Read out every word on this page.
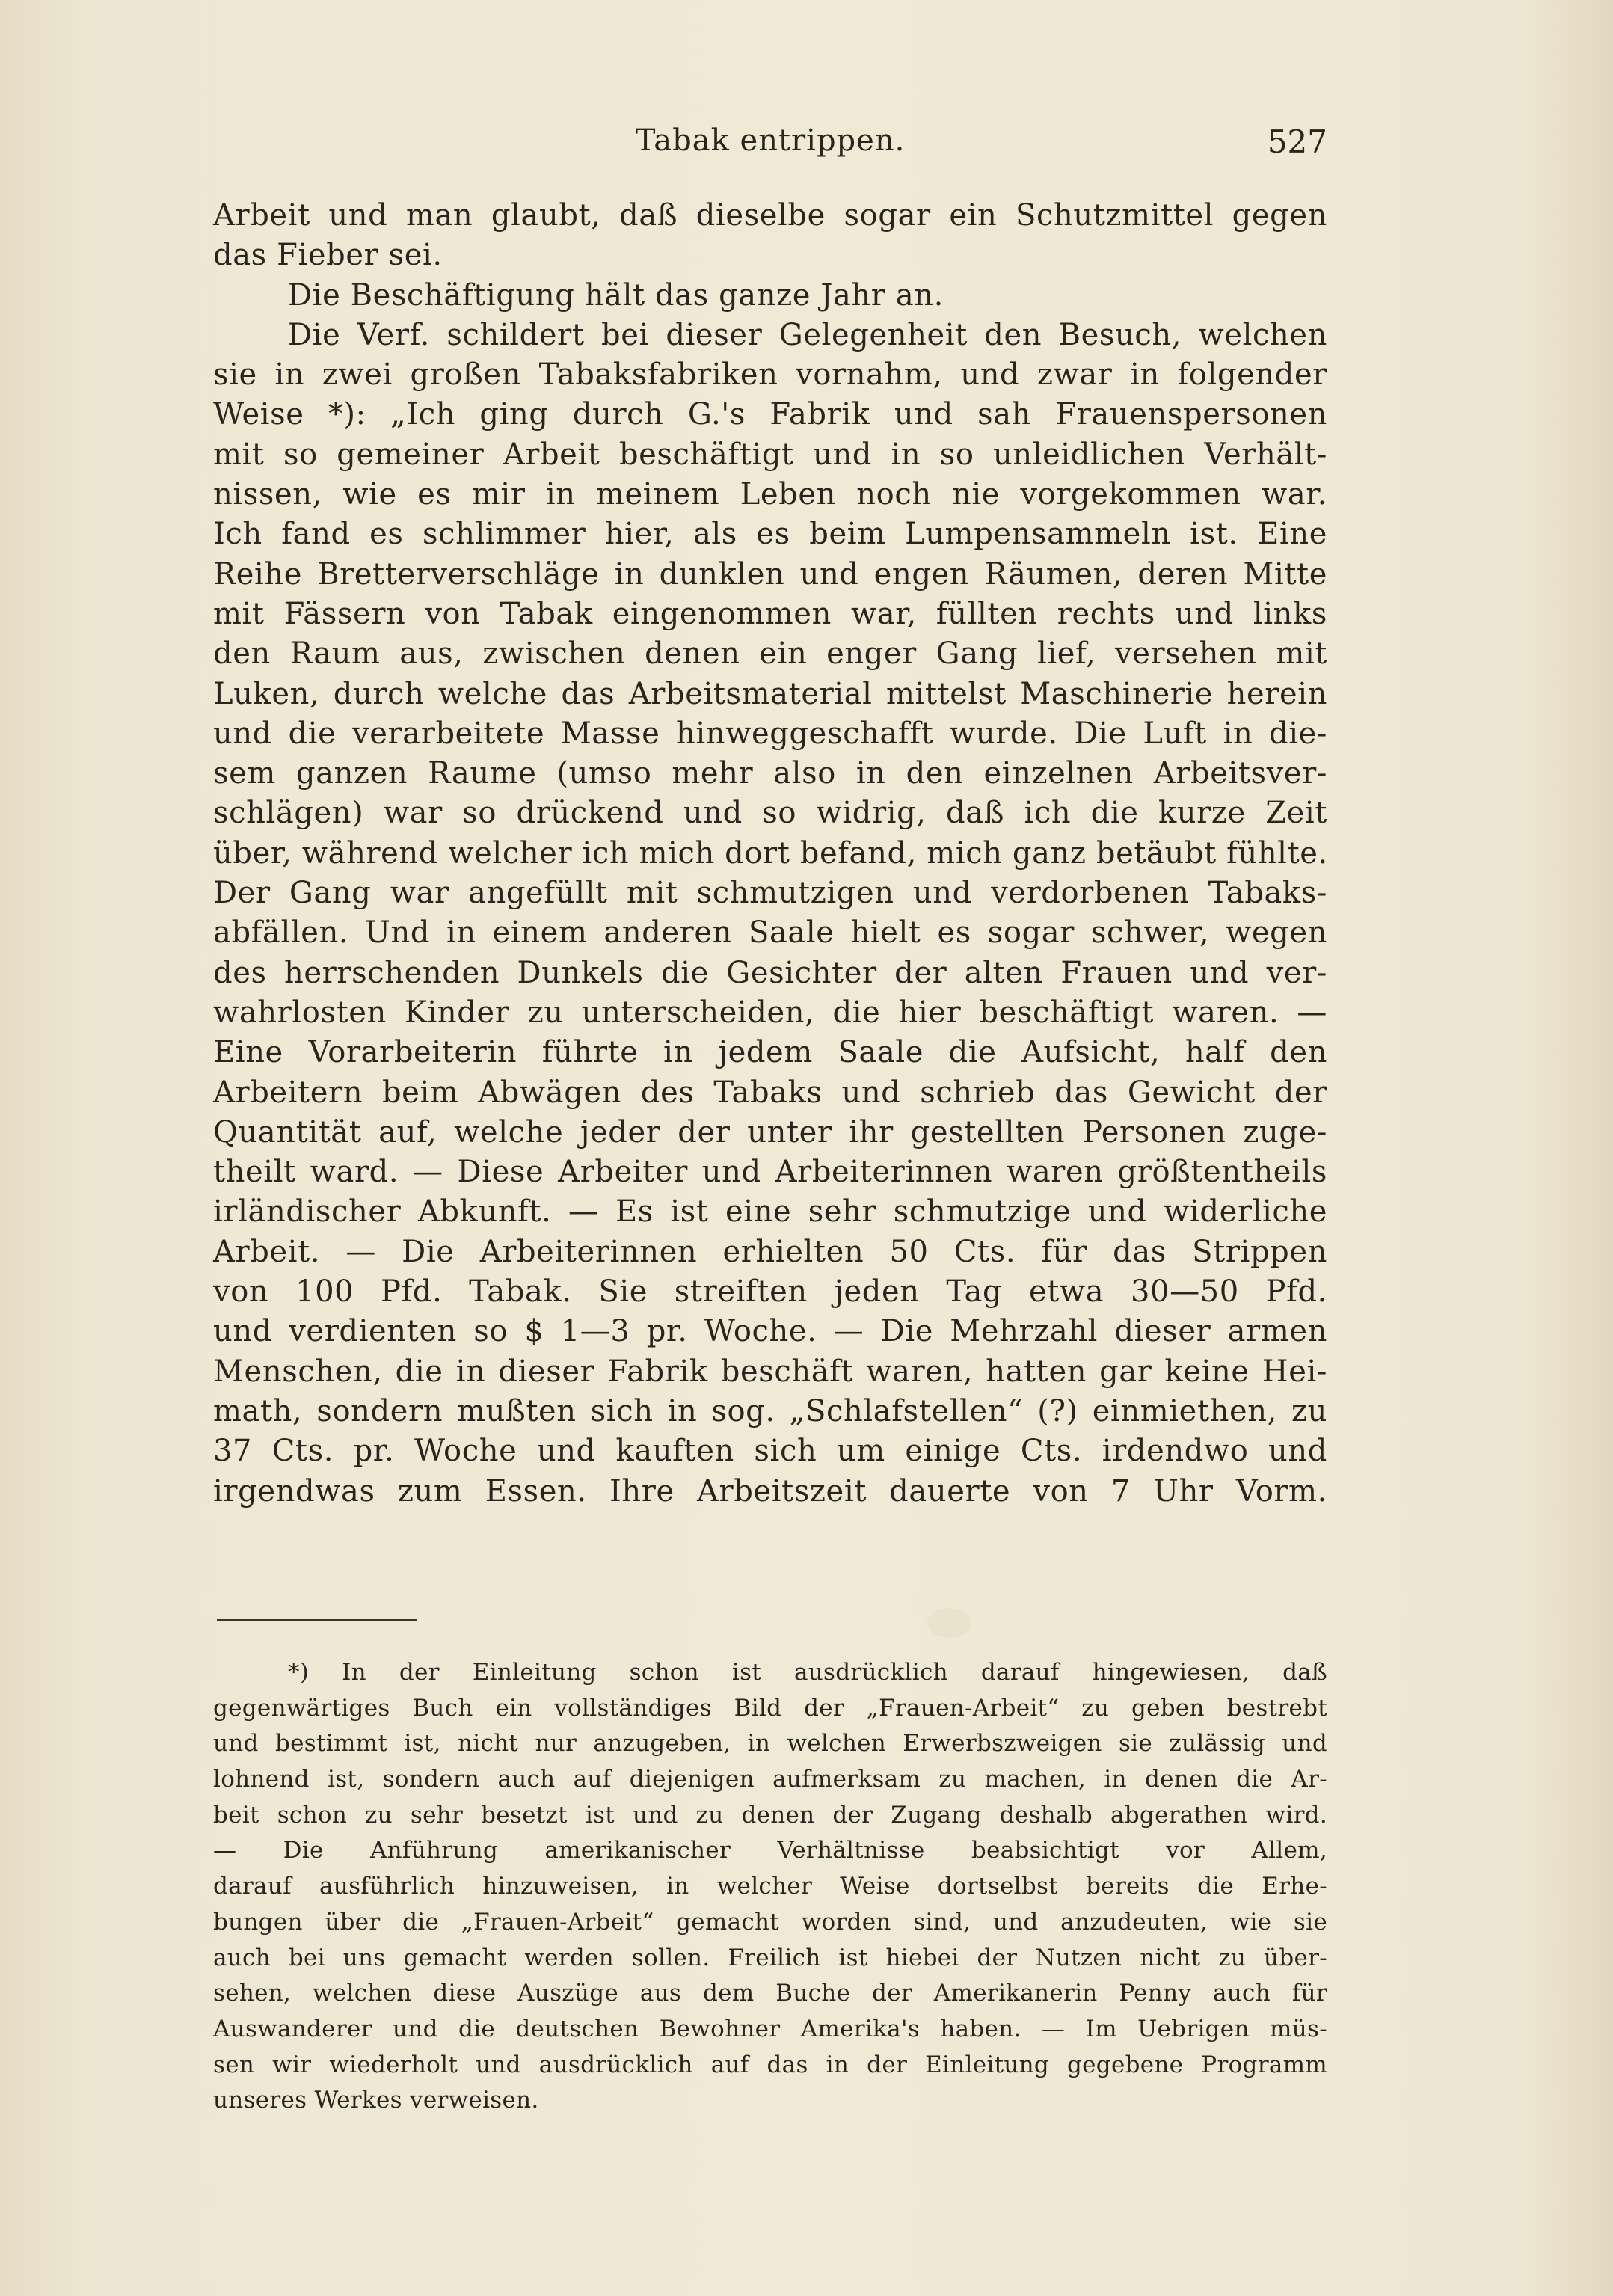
Tabak entrippen.	527
Arbeit und man glaubt, daß dieselbe sogar ein Schutzmittel gegen
das Fieber sei.
Die Beschäftigung hält das ganze Jahr an.
Die Verf. schildert bei dieser Gelegenheit den Besuch, welchen
sie in zwei großen Tabaksfabriken vornahm, und zwar in folgender
Weise *): „Ich ging durch G.'s Fabrik und sah Frauenspersonen
mit so gemeiner Arbeit beschäftigt und in so unleidlichen Verhält-
nissen, wie es mir in meinem Leben noch nie vorgekommen war.
Ich fand es schlimmer hier, als es beim Lumpensammeln ist. Eine
Reihe Bretterverschläge in dunklen und engen Räumen, deren Mitte
mit Fässern von Tabak eingenommen war, füllten rechts und links
den Raum aus, zwischen denen ein enger Gang lief, versehen mit
Luken, durch welche das Arbeitsmaterial mittelst Maschinerie herein
und die verarbeitete Masse hinweggeschafft wurde. Die Luft in die-
sem ganzen Raume (umso mehr also in den einzelnen Arbeitsver-
schlägen) war so drückend und so widrig, daß ich die kurze Zeit
über, während welcher ich mich dort befand, mich ganz betäubt fühlte.
Der Gang war angefüllt mit schmutzigen und verdorbenen Tabaks-
abfällen. Und in einem anderen Saale hielt es sogar schwer, wegen
des herrschenden Dunkels die Gesichter der alten Frauen und ver-
wahrlosten Kinder zu unterscheiden, die hier beschäftigt waren. —
Eine Vorarbeiterin führte in jedem Saale die Aufsicht, half den
Arbeitern beim Abwägen des Tabaks und schrieb das Gewicht der
Quantität auf, welche jeder der unter ihr gestellten Personen zuge-
theilt ward. — Diese Arbeiter und Arbeiterinnen waren größtentheils
irländischer Abkunft. — Es ist eine sehr schmutzige und widerliche
Arbeit. — Die Arbeiterinnen erhielten 50 Cts. für das Strippen
von 100 Pfd. Tabak. Sie streiften jeden Tag etwa 30—50 Pfd.
und verdienten so $ 1—3 pr. Woche. — Die Mehrzahl dieser armen
Menschen, die in dieser Fabrik beschäft waren, hatten gar keine Hei-
math, sondern mußten sich in sog. „Schlafstellen“ (?) einmiethen, zu
37 Cts. pr. Woche und kauften sich um einige Cts. irdendwo und
irgendwas zum Essen. Ihre Arbeitszeit dauerte von 7 Uhr Vorm.
*) In der Einleitung schon ist ausdrücklich darauf hingewiesen, daß
gegenwärtiges Buch ein vollständiges Bild der „Frauen-Arbeit“ zu geben bestrebt
und bestimmt ist, nicht nur anzugeben, in welchen Erwerbszweigen sie zulässig und
lohnend ist, sondern auch auf diejenigen aufmerksam zu machen, in denen die Ar-
beit schon zu sehr besetzt ist und zu denen der Zugang deshalb abgerathen wird.
— Die Anführung amerikanischer Verhältnisse beabsichtigt vor Allem,
darauf ausführlich hinzuweisen, in welcher Weise dortselbst bereits die Erhe-
bungen über die „Frauen-Arbeit“ gemacht worden sind, und anzudeuten, wie sie
auch bei uns gemacht werden sollen. Freilich ist hiebei der Nutzen nicht zu über-
sehen, welchen diese Auszüge aus dem Buche der Amerikanerin Penny auch für
Auswanderer und die deutschen Bewohner Amerika's haben. — Im Uebrigen müs-
sen wir wiederholt und ausdrücklich auf das in der Einleitung gegebene Programm
unseres Werkes verweisen.
